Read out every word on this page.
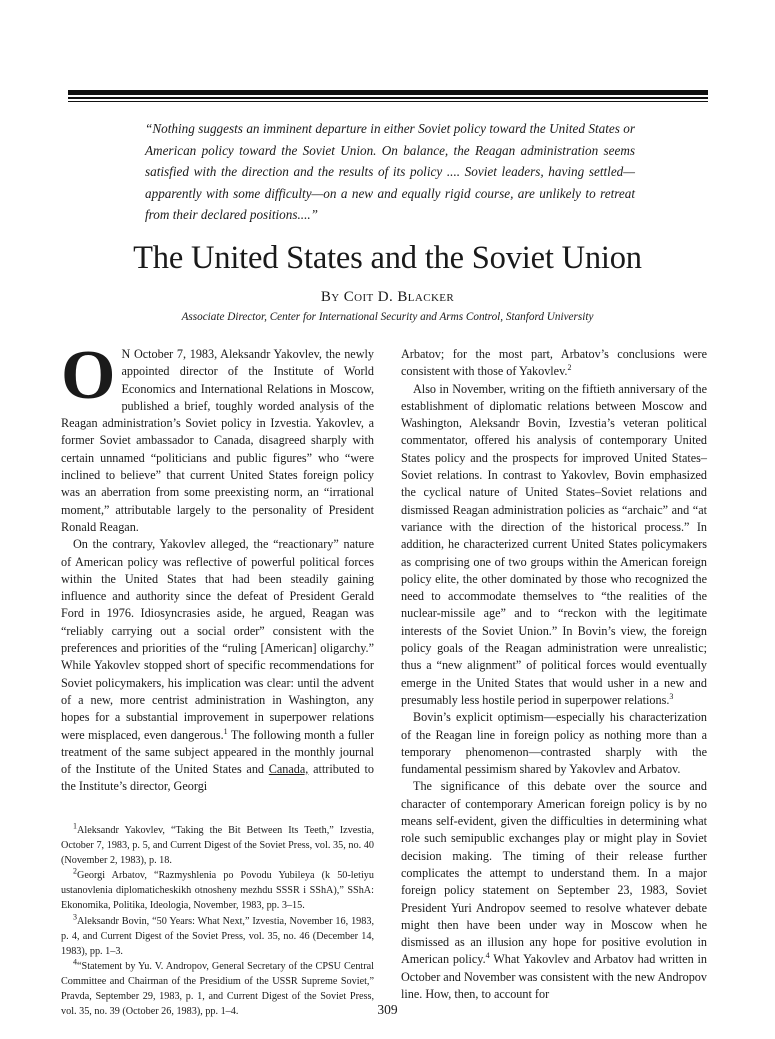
“Nothing suggests an imminent departure in either Soviet policy toward the United States or American policy toward the Soviet Union. On balance, the Reagan administration seems satisfied with the direction and the results of its policy .... Soviet leaders, having settled—apparently with some difficulty—on a new and equally rigid course, are unlikely to retreat from their declared positions....”
The United States and the Soviet Union
By Coit D. Blacker
Associate Director, Center for International Security and Arms Control, Stanford University

O N October 7, 1983, Aleksandr Yakovlev, the newly appointed director of the Institute of World Economics and International Relations in Moscow, published a brief, toughly worded analysis of the Reagan administration’s Soviet policy in Izvestia. Yakovlev, a former Soviet ambassador to Canada, disagreed sharply with certain unnamed “politicians and public figures” who “were inclined to believe” that current United States foreign policy was an aberration from some preexisting norm, an “irrational moment,” attributable largely to the personality of President Ronald Reagan.

On the contrary, Yakovlev alleged, the “reactionary” nature of American policy was reflective of powerful political forces within the United States that had been steadily gaining influence and authority since the defeat of President Gerald Ford in 1976. Idiosyncrasies aside, he argued, Reagan was “reliably carrying out a social order” consistent with the preferences and priorities of the “ruling [American] oligarchy.” While Yakovlev stopped short of specific recommendations for Soviet policymakers, his implication was clear: until the advent of a new, more centrist administration in Washington, any hopes for a substantial improvement in superpower relations were misplaced, even dangerous.$^1$ The following month a fuller treatment of the same subject appeared in the monthly journal of the Institute of the United States and Canada, attributed to the Institute’s director, Georgi

$^1$Aleksandr Yakovlev, “Taking the Bit Between Its Teeth,” Izvestia, October 7, 1983, p. 5, and Current Digest of the Soviet Press, vol. 35, no. 40 (November 2, 1983), p. 18.

$^2$Georgi Arbatov, “Razmyshlenia po Povodu Yubileya (k 50-letiyu ustanovlenia diplomaticheskikh otnosheny mezhdu SSSR i SShA),” SShA: Ekonomika, Politika, Ideologia, November, 1983, pp. 3–15.

$^3$Aleksandr Bovin, “50 Years: What Next,” Izvestia, November 16, 1983, p. 4, and Current Digest of the Soviet Press, vol. 35, no. 46 (December 14, 1983), pp. 1–3.

$^4$“Statement by Yu. V. Andropov, General Secretary of the CPSU Central Committee and Chairman of the Presidium of the USSR Supreme Soviet,” Pravda, September 29, 1983, p. 1, and Current Digest of the Soviet Press, vol. 35, no. 39 (October 26, 1983), pp. 1–4.

Arbatov; for the most part, Arbatov’s conclusions were consistent with those of Yakovlev.$^2$

Also in November, writing on the fiftieth anniversary of the establishment of diplomatic relations between Moscow and Washington, Aleksandr Bovin, Izvestia’s veteran political commentator, offered his analysis of contemporary United States policy and the prospects for improved United States–Soviet relations. In contrast to Yakovlev, Bovin emphasized the cyclical nature of United States–Soviet relations and dismissed Reagan administration policies as “archaic” and “at variance with the direction of the historical process.” In addition, he characterized current United States policymakers as comprising one of two groups within the American foreign policy elite, the other dominated by those who recognized the need to accommodate themselves to “the realities of the nuclear-missile age” and to “reckon with the legitimate interests of the Soviet Union.” In Bovin’s view, the foreign policy goals of the Reagan administration were unrealistic; thus a “new alignment” of political forces would eventually emerge in the United States that would usher in a new and presumably less hostile period in superpower relations.$^3$

Bovin’s explicit optimism—especially his characterization of the Reagan line in foreign policy as nothing more than a temporary phenomenon—contrasted sharply with the fundamental pessimism shared by Yakovlev and Arbatov.

The significance of this debate over the source and character of contemporary American foreign policy is by no means self-evident, given the difficulties in determining what role such semipublic exchanges play or might play in Soviet decision making. The timing of their release further complicates the attempt to understand them. In a major foreign policy statement on September 23, 1983, Soviet President Yuri Andropov seemed to resolve whatever debate might then have been under way in Moscow when he dismissed as an illusion any hope for positive evolution in American policy.$^4$ What Yakovlev and Arbatov had written in October and November was consistent with the new Andropov line. How, then, to account for

309
